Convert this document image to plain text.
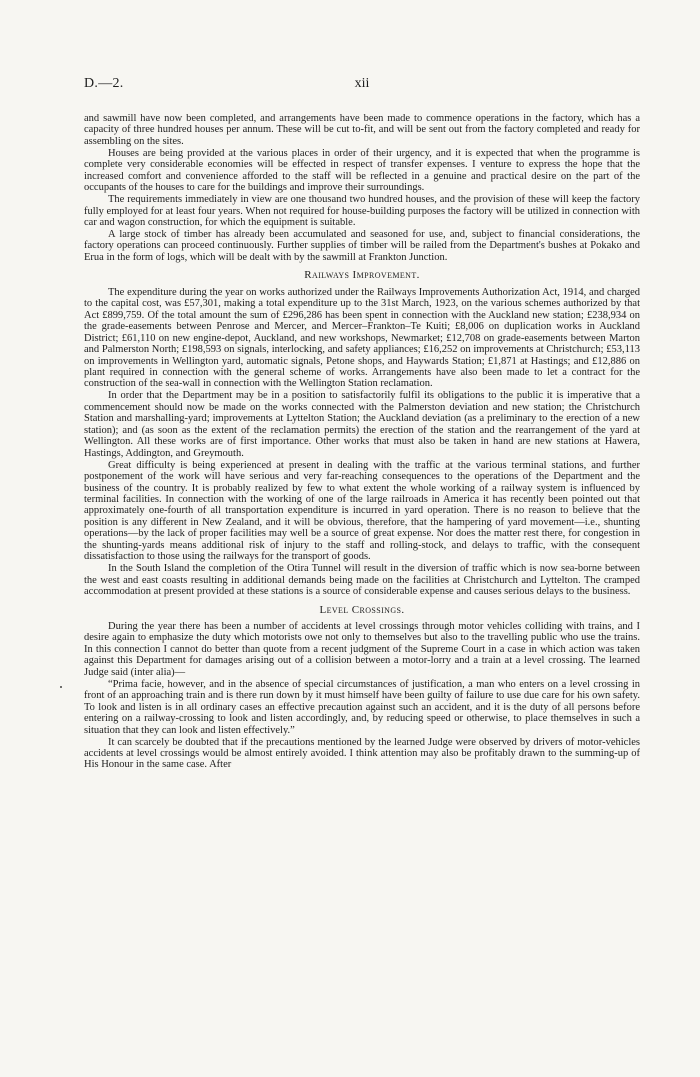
D.—2.	xii

and sawmill have now been completed, and arrangements have been made to commence operations in the factory, which has a capacity of three hundred houses per annum. These will be cut to-fit, and will be sent out from the factory completed and ready for assembling on the sites.

Houses are being provided at the various places in order of their urgency, and it is expected that when the programme is complete very considerable economies will be effected in respect of transfer expenses. I venture to express the hope that the increased comfort and convenience afforded to the staff will be reflected in a genuine and practical desire on the part of the occupants of the houses to care for the buildings and improve their surroundings.

The requirements immediately in view are one thousand two hundred houses, and the provision of these will keep the factory fully employed for at least four years. When not required for house-building purposes the factory will be utilized in connection with car and wagon construction, for which the equipment is suitable.

A large stock of timber has already been accumulated and seasoned for use, and, subject to financial considerations, the factory operations can proceed continuously. Further supplies of timber will be railed from the Department's bushes at Pokako and Erua in the form of logs, which will be dealt with by the sawmill at Frankton Junction.

Railways Improvement.

The expenditure during the year on works authorized under the Railways Improvements Authorization Act, 1914, and charged to the capital cost, was £57,301, making a total expenditure up to the 31st March, 1923, on the various schemes authorized by that Act £899,759. Of the total amount the sum of £296,286 has been spent in connection with the Auckland new station; £238,934 on the grade-easements between Penrose and Mercer, and Mercer–Frankton–Te Kuiti; £8,006 on duplication works in Auckland District; £61,110 on new engine-depot, Auckland, and new workshops, Newmarket; £12,708 on grade-easements between Marton and Palmerston North; £198,593 on signals, interlocking, and safety appliances; £16,252 on improvements at Christchurch; £53,113 on improvements in Wellington yard, automatic signals, Petone shops, and Haywards Station; £1,871 at Hastings; and £12,886 on plant required in connection with the general scheme of works. Arrangements have also been made to let a contract for the construction of the sea-wall in connection with the Wellington Station reclamation.

In order that the Department may be in a position to satisfactorily fulfil its obligations to the public it is imperative that a commencement should now be made on the works connected with the Palmerston deviation and new station; the Christchurch Station and marshalling-yard; improvements at Lyttelton Station; the Auckland deviation (as a preliminary to the erection of a new station); and (as soon as the extent of the reclamation permits) the erection of the station and the rearrangement of the yard at Wellington. All these works are of first importance. Other works that must also be taken in hand are new stations at Hawera, Hastings, Addington, and Greymouth.

Great difficulty is being experienced at present in dealing with the traffic at the various terminal stations, and further postponement of the work will have serious and very far-reaching consequences to the operations of the Department and the business of the country. It is probably realized by few to what extent the whole working of a railway system is influenced by terminal facilities. In connection with the working of one of the large railroads in America it has recently been pointed out that approximately one-fourth of all transportation expenditure is incurred in yard operation. There is no reason to believe that the position is any different in New Zealand, and it will be obvious, therefore, that the hampering of yard movement—i.e., shunting operations—by the lack of proper facilities may well be a source of great expense. Nor does the matter rest there, for congestion in the shunting-yards means additional risk of injury to the staff and rolling-stock, and delays to traffic, with the consequent dissatisfaction to those using the railways for the transport of goods.

In the South Island the completion of the Otira Tunnel will result in the diversion of traffic which is now sea-borne between the west and east coasts resulting in additional demands being made on the facilities at Christchurch and Lyttelton. The cramped accommodation at present provided at these stations is a source of considerable expense and causes serious delays to the business.

Level Crossings.

During the year there has been a number of accidents at level crossings through motor vehicles colliding with trains, and I desire again to emphasize the duty which motorists owe not only to themselves but also to the travelling public who use the trains. In this connection I cannot do better than quote from a recent judgment of the Supreme Court in a case in which action was taken against this Department for damages arising out of a collision between a motor-lorry and a train at a level crossing. The learned Judge said (inter alia)—

“Prima facie, however, and in the absence of special circumstances of justification, a man who enters on a level crossing in front of an approaching train and is there run down by it must himself have been guilty of failure to use due care for his own safety. To look and listen is in all ordinary cases an effective precaution against such an accident, and it is the duty of all persons before entering on a railway-crossing to look and listen accordingly, and, by reducing speed or otherwise, to place themselves in such a situation that they can look and listen effectively.”

It can scarcely be doubted that if the precautions mentioned by the learned Judge were observed by drivers of motor-vehicles accidents at level crossings would be almost entirely avoided. I think attention may also be profitably drawn to the summing-up of His Honour in the same case. After
